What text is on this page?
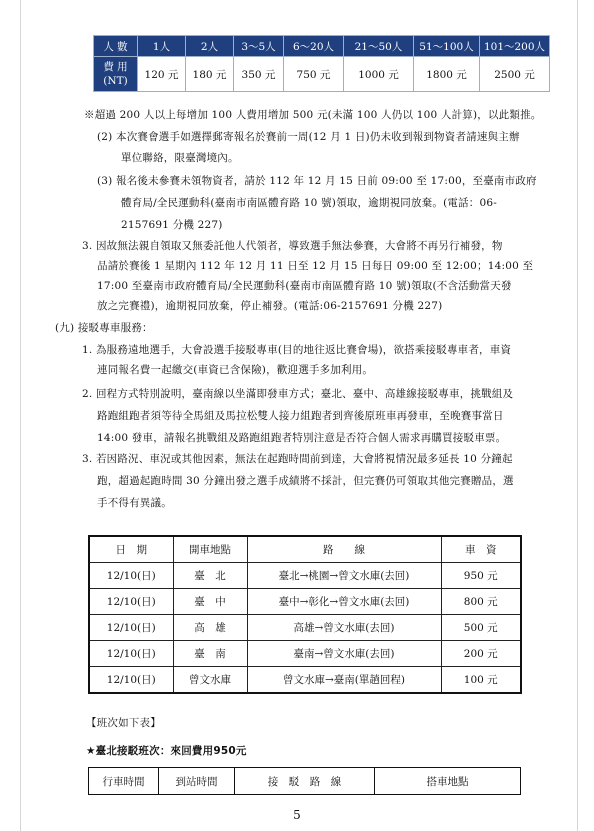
人 數	1人	2人	3～5人	6～20人	21～50人	51～100人	101～200人

費 用
(NT)	120 元	180 元	350 元	750 元	1000 元	1800 元	2500 元
※超過 200 人以上每增加 100 人費用增加 500 元(未滿 100 人仍以 100 人計算)，以此類推。
(2) 本次賽會選手如選擇郵寄報名於賽前一周(12 月 1 日)仍未收到報到物資者請速與主辦
單位聯絡，限臺灣境內。
(3) 報名後未參賽未領物資者，請於 112 年 12 月 15 日前 09:00 至 17:00，至臺南市政府
體育局/全民運動科(臺南市南區體育路 10 號)領取，逾期視同放棄。(電話：06-
2157691 分機 227)
3. 因故無法親自領取又無委託他人代領者，導致選手無法參賽，大會將不再另行補發，物
品請於賽後 1 星期內 112 年 12 月 11 日至 12 月 15 日每日 09:00 至 12:00；14:00 至
17:00 至臺南市政府體育局/全民運動科(臺南市南區體育路 10 號)領取(不含活動當天發
放之完賽禮)，逾期視同放棄，停止補發。(電話:06-2157691 分機 227)
(九) 接駁專車服務：
1. 為服務遠地選手，大會設選手接駁專車(目的地往返比賽會場)，欲搭乘接駁專車者，車資
連同報名費一起繳交(車資已含保險)，歡迎選手多加利用。
2. 回程方式特別說明，臺南線以坐滿即發車方式；臺北、臺中、高雄線接駁專車，挑戰組及
路跑組跑者須等待全馬組及馬拉松雙人接力組跑者到齊後原班車再發車，至晚賽事當日
14:00 發車，請報名挑戰組及路跑組跑者特別注意是否符合個人需求再購買接駁車票。
3. 若因路況、車況或其他因素，無法在起跑時間前到達，大會將視情況最多延長 10 分鐘起
跑，超過起跑時間 30 分鐘出發之選手成績將不採計，但完賽仍可領取其他完賽贈品，選
手不得有異議。
日　期	開車地點	路　　線	車　資
12/10(日)	臺　北	臺北→桃園→曾文水庫(去回)	950 元
12/10(日)	臺　中	臺中→彰化→曾文水庫(去回)	800 元
12/10(日)	高　雄	高雄→曾文水庫(去回)	500 元
12/10(日)	臺　南	臺南→曾文水庫(去回)	200 元
12/10(日)	曾文水庫	曾文水庫→臺南(單趟回程)	100 元
【班次如下表】
★臺北接駁班次：來回費用950元
行車時間	到站時間	接　駁　路　線	搭車地點
5
